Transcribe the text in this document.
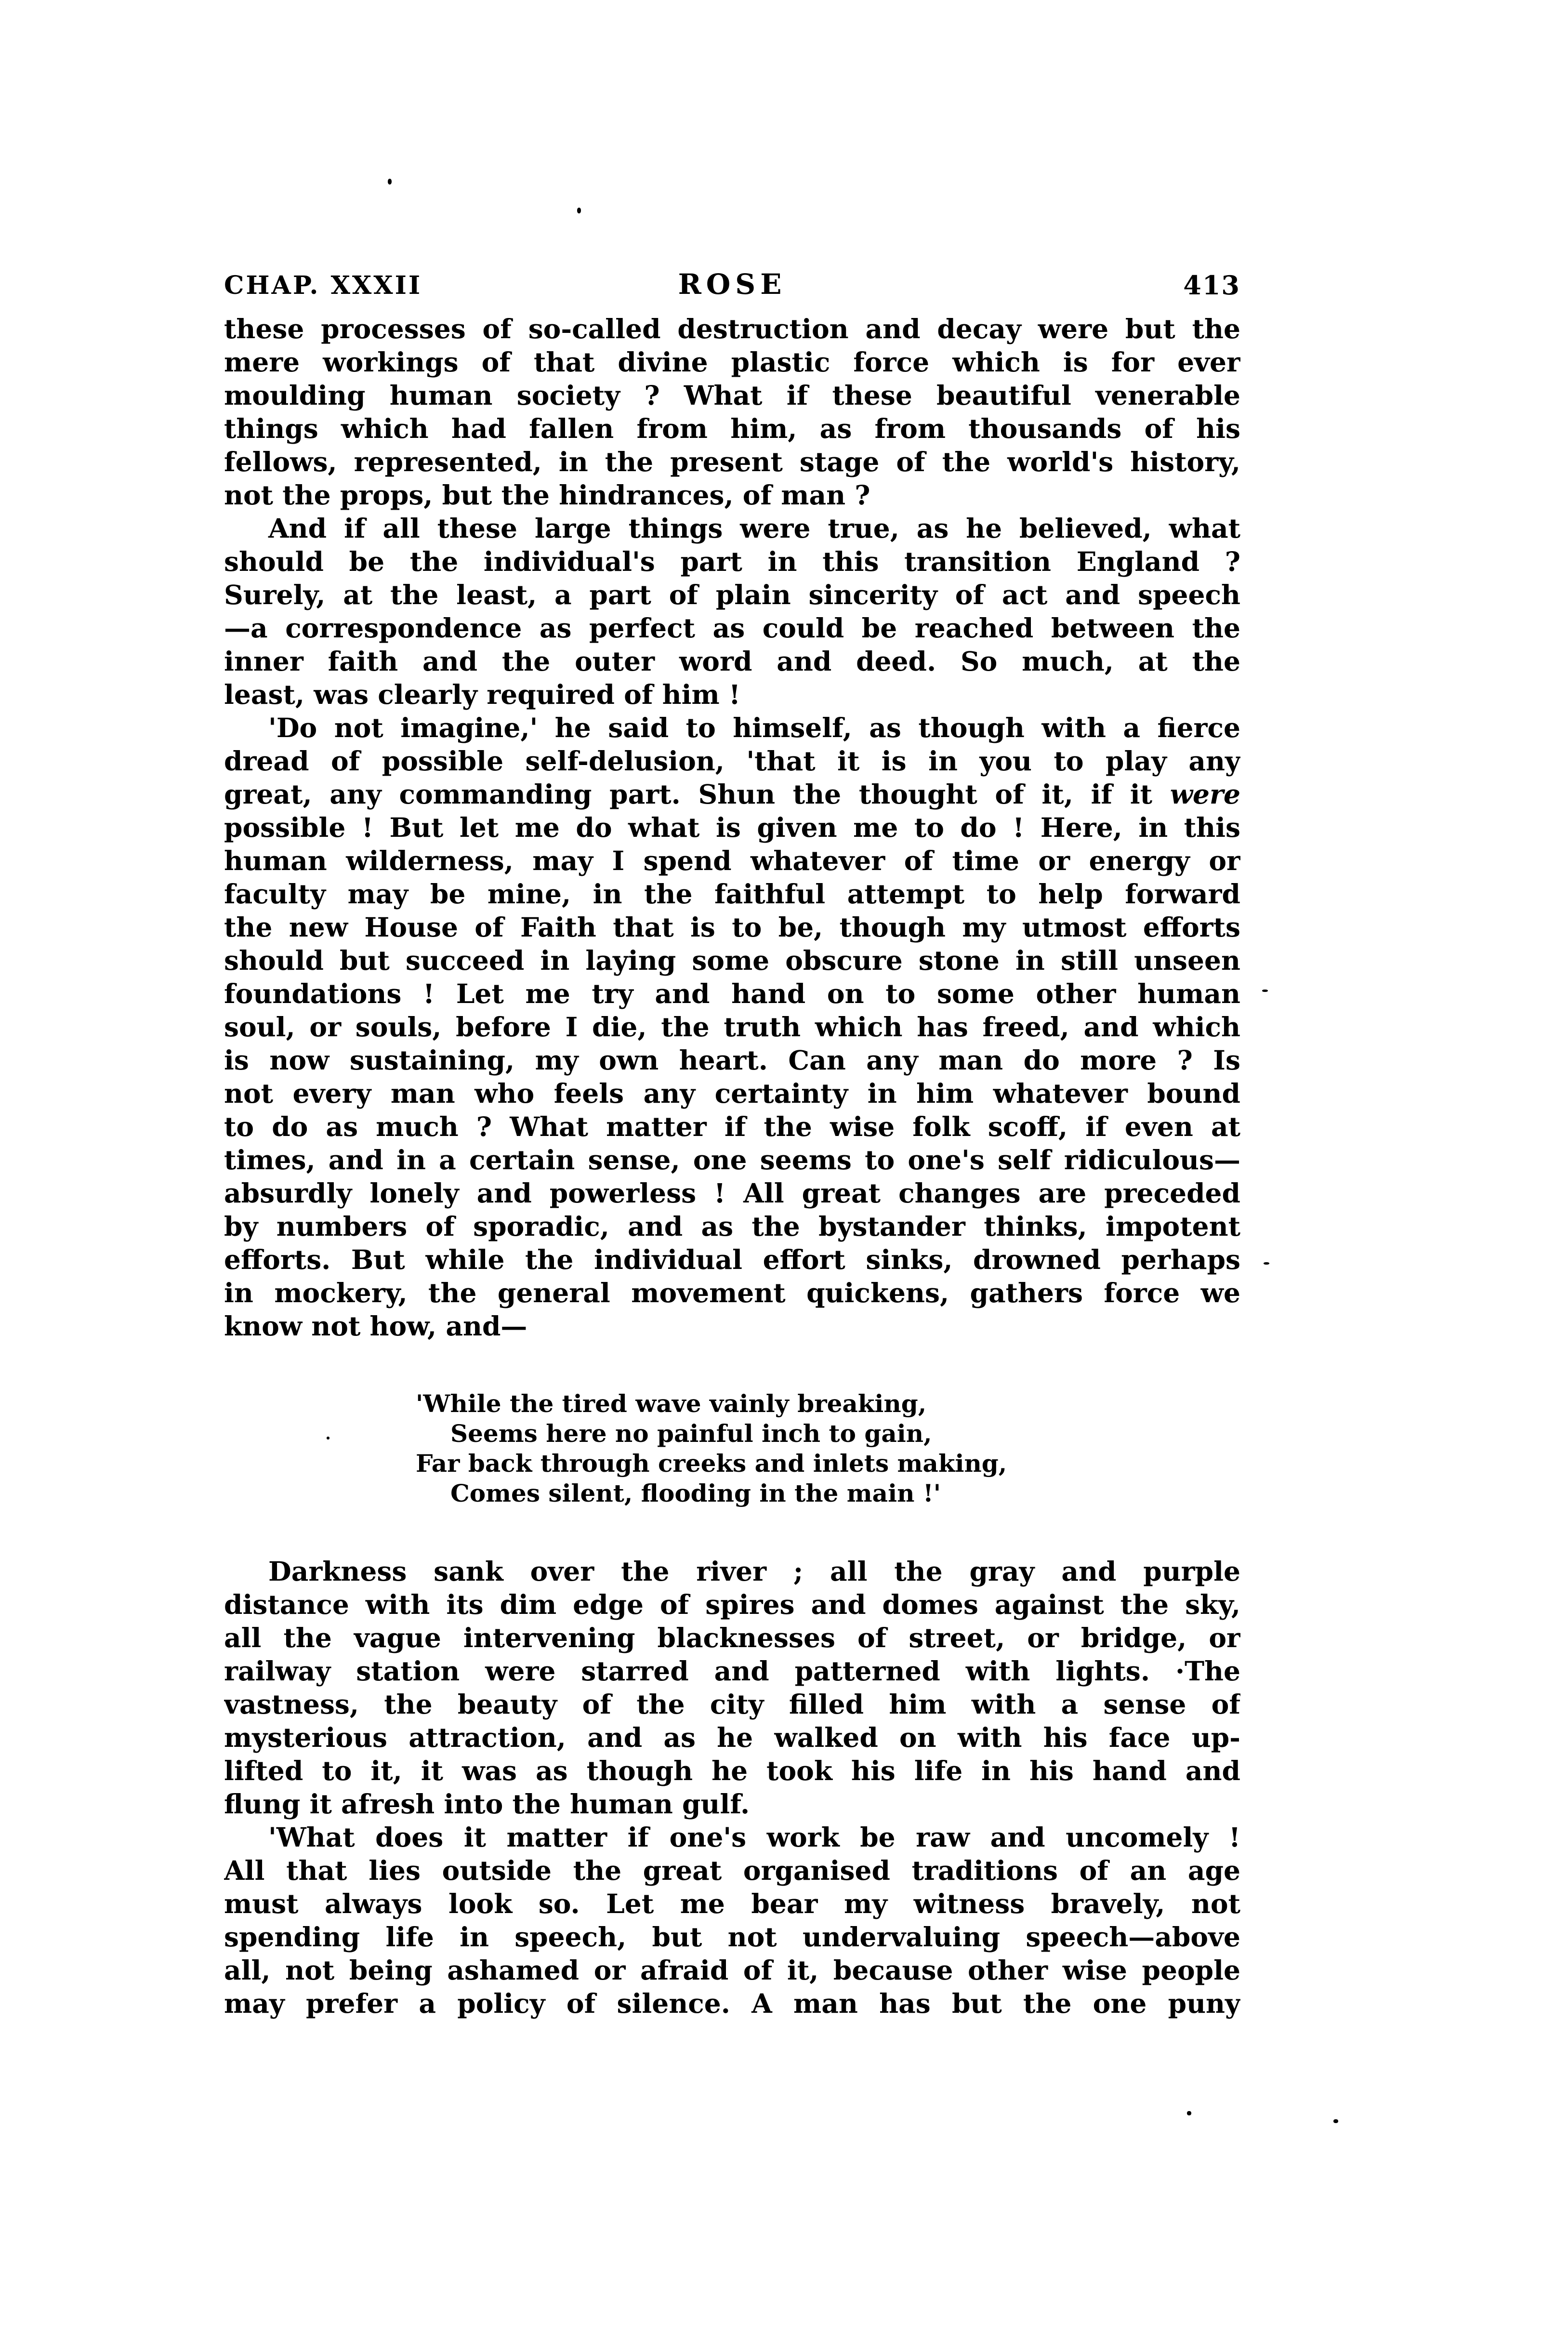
CHAP. XXXII	ROSE	413
these processes of so-called destruction and decay were but the
mere workings of that divine plastic force which is for ever
moulding human society ? What if these beautiful venerable
things which had fallen from him, as from thousands of his
fellows, represented, in the present stage of the world's history,
not the props, but the hindrances, of man ?
And if all these large things were true, as he believed, what
should be the individual's part in this transition England ?
Surely, at the least, a part of plain sincerity of act and speech
—a correspondence as perfect as could be reached between the
inner faith and the outer word and deed. So much, at the
least, was clearly required of him !
'Do not imagine,' he said to himself, as though with a fierce
dread of possible self-delusion, 'that it is in you to play any
great, any commanding part. Shun the thought of it, if it were
possible ! But let me do what is given me to do ! Here, in this
human wilderness, may I spend whatever of time or energy or
faculty may be mine, in the faithful attempt to help forward
the new House of Faith that is to be, though my utmost efforts
should but succeed in laying some obscure stone in still unseen
foundations ! Let me try and hand on to some other human
soul, or souls, before I die, the truth which has freed, and which
is now sustaining, my own heart. Can any man do more ? Is
not every man who feels any certainty in him whatever bound
to do as much ? What matter if the wise folk scoff, if even at
times, and in a certain sense, one seems to one's self ridiculous—
absurdly lonely and powerless ! All great changes are preceded
by numbers of sporadic, and as the bystander thinks, impotent
efforts. But while the individual effort sinks, drowned perhaps
in mockery, the general movement quickens, gathers force we
know not how, and—
'While the tired wave vainly breaking,
Seems here no painful inch to gain,
Far back through creeks and inlets making,
Comes silent, flooding in the main !'
Darkness sank over the river ; all the gray and purple
distance with its dim edge of spires and domes against the sky,
all the vague intervening blacknesses of street, or bridge, or
railway station were starred and patterned with lights. ·The
vastness, the beauty of the city filled him with a sense of
mysterious attraction, and as he walked on with his face up-
lifted to it, it was as though he took his life in his hand and
flung it afresh into the human gulf.
'What does it matter if one's work be raw and uncomely !
All that lies outside the great organised traditions of an age
must always look so. Let me bear my witness bravely, not
spending life in speech, but not undervaluing speech—above
all, not being ashamed or afraid of it, because other wise people
may prefer a policy of silence. A man has but the one puny
